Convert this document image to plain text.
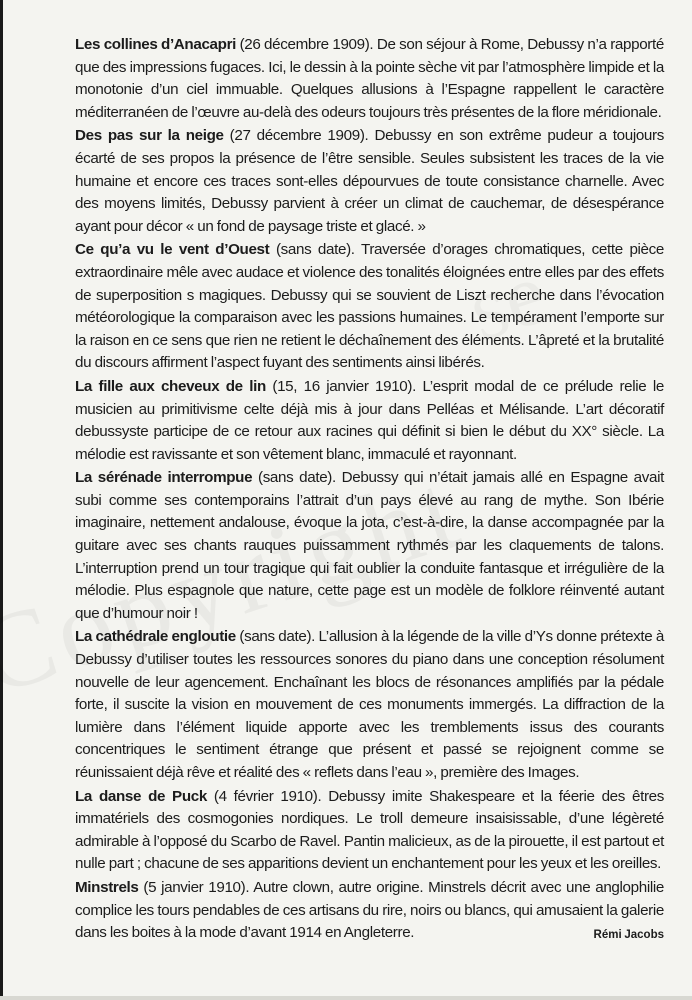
Les collines d’Anacapri (26 décembre 1909). De son séjour à Rome, Debussy n’a rapporté que des impressions fugaces. Ici, le dessin à la pointe sèche vit par l’atmosphère limpide et la monotonie d’un ciel immuable. Quelques allusions à l’Espagne rappellent le caractère méditerranéen de l’œuvre au-delà des odeurs toujours très présentes de la flore méridionale.

Des pas sur la neige (27 décembre 1909). Debussy en son extrême pudeur a toujours écarté de ses propos la présence de l’être sensible. Seules subsistent les traces de la vie humaine et encore ces traces sont-elles dépourvues de toute consistance charnelle. Avec des moyens limités, Debussy parvient à créer un climat de cauchemar, de désespérance ayant pour décor « un fond de paysage triste et glacé. »

Ce qu’a vu le vent d’Ouest (sans date). Traversée d’orages chromatiques, cette pièce extraordinaire mêle avec audace et violence des tonalités éloignées entre elles par des effets de superposition s magiques. Debussy qui se souvient de Liszt recherche dans l’évocation météorologique la comparaison avec les passions humaines. Le tempérament l’emporte sur la raison en ce sens que rien ne retient le déchaînement des éléments. L’âpreté et la brutalité du discours affirment l’aspect fuyant des sentiments ainsi libérés.

La fille aux cheveux de lin (15, 16 janvier 1910). L’esprit modal de ce prélude relie le musicien au primitivisme celte déjà mis à jour dans Pelléas et Mélisande. L’art décoratif debussyste participe de ce retour aux racines qui définit si bien le début du XX° siècle. La mélodie est ravissante et son vêtement blanc, immaculé et rayonnant.

La sérénade interrompue (sans date). Debussy qui n’était jamais allé en Espagne avait subi comme ses contemporains l’attrait d’un pays élevé au rang de mythe. Son Ibérie imaginaire, nettement andalouse, évoque la jota, c’est-à-dire, la danse accompagnée par la guitare avec ses chants rauques puissamment rythmés par les claquements de talons. L’interruption prend un tour tragique qui fait oublier la conduite fantasque et irrégulière de la mélodie. Plus espagnole que nature, cette page est un modèle de folklore réinventé autant que d’humour noir !

La cathédrale engloutie (sans date). L’allusion à la légende de la ville d’Ys donne prétexte à Debussy d’utiliser toutes les ressources sonores du piano dans une conception résolument nouvelle de leur agencement. Enchaînant les blocs de résonances amplifiés par la pédale forte, il suscite la vision en mouvement de ces monuments immergés. La diffraction de la lumière dans l’élément liquide apporte avec les tremblements issus des courants concentriques le sentiment étrange que présent et passé se rejoignent comme se réunissaient déjà rêve et réalité des « reflets dans l’eau », première des Images.

La danse de Puck (4 février 1910). Debussy imite Shakespeare et la féerie des êtres immatériels des cosmogonies nordiques. Le troll demeure insaisissable, d’une légèreté admirable à l’opposé du Scarbo de Ravel. Pantin malicieux, as de la pirouette, il est partout et nulle part ; chacune de ses apparitions devient un enchantement pour les yeux et les oreilles.

Minstrels (5 janvier 1910). Autre clown, autre origine. Minstrels décrit avec une anglophilie complice les tours pendables de ces artisans du rire, noirs ou blancs, qui amusaient la galerie dans les boites à la mode d’avant 1914 en Angleterre.	Rémi Jacobs
